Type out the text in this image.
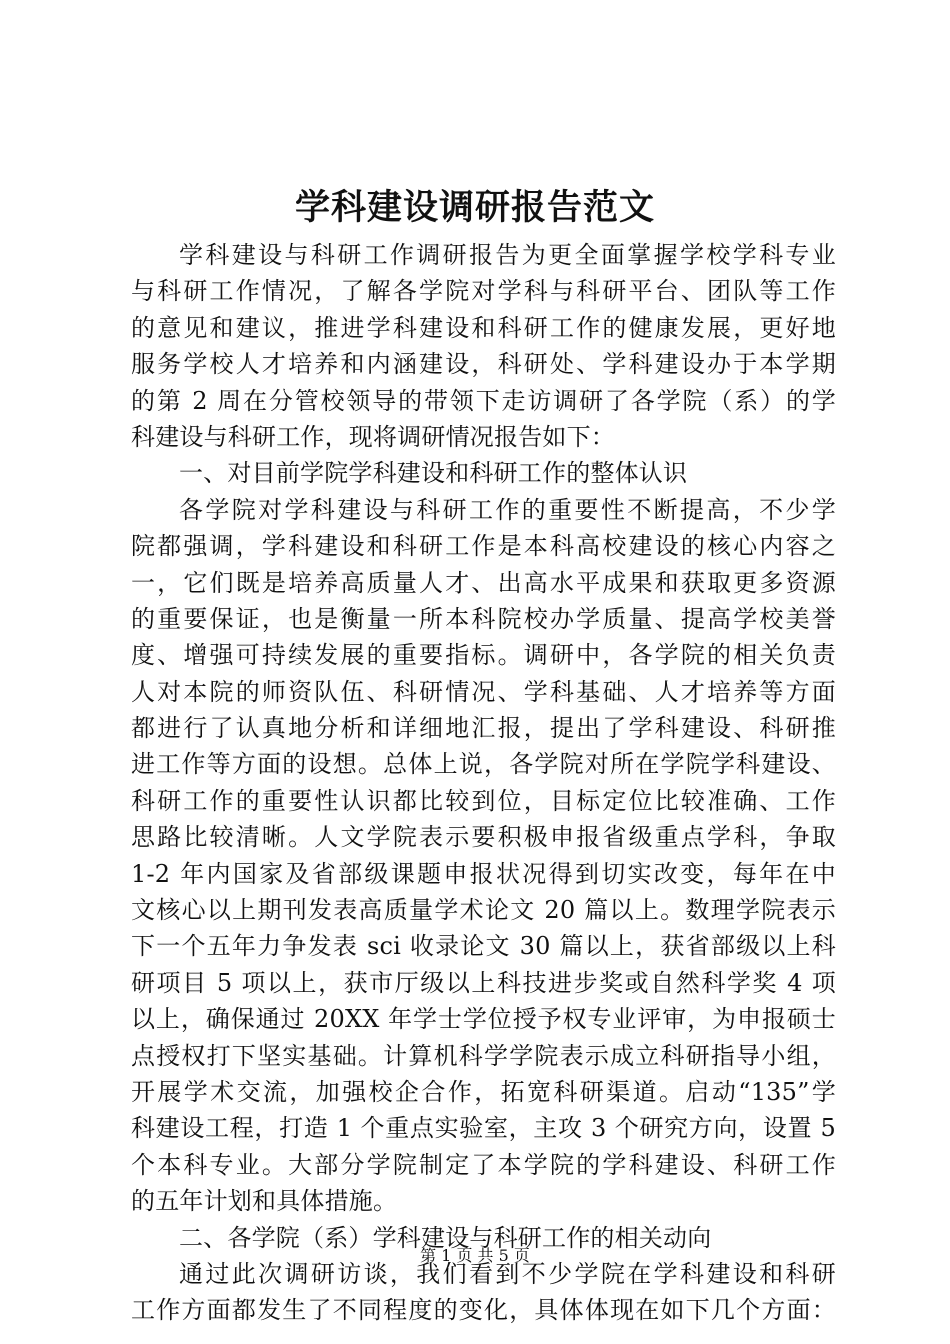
学科建设调研报告范文
学科建设与科研工作调研报告为更全面掌握学校学科专业
与科研工作情况，了解各学院对学科与科研平台、团队等工作
的意见和建议，推进学科建设和科研工作的健康发展，更好地
服务学校人才培养和内涵建设，科研处、学科建设办于本学期
的第 2 周在分管校领导的带领下走访调研了各学院（系）的学
科建设与科研工作，现将调研情况报告如下：
一、对目前学院学科建设和科研工作的整体认识
各学院对学科建设与科研工作的重要性不断提高，不少学
院都强调，学科建设和科研工作是本科高校建设的核心内容之
一，它们既是培养高质量人才、出高水平成果和获取更多资源
的重要保证，也是衡量一所本科院校办学质量、提高学校美誉
度、增强可持续发展的重要指标。调研中，各学院的相关负责
人对本院的师资队伍、科研情况、学科基础、人才培养等方面
都进行了认真地分析和详细地汇报，提出了学科建设、科研推
进工作等方面的设想。总体上说，各学院对所在学院学科建设、
科研工作的重要性认识都比较到位，目标定位比较准确、工作
思路比较清晰。人文学院表示要积极申报省级重点学科，争取
1-2 年内国家及省部级课题申报状况得到切实改变，每年在中
文核心以上期刊发表高质量学术论文 20 篇以上。数理学院表示
下一个五年力争发表 sci 收录论文 30 篇以上，获省部级以上科
研项目 5 项以上，获市厅级以上科技进步奖或自然科学奖 4 项
以上，确保通过 20XX 年学士学位授予权专业评审，为申报硕士
点授权打下坚实基础。计算机科学学院表示成立科研指导小组，
开展学术交流，加强校企合作，拓宽科研渠道。启动“135”学
科建设工程，打造 1 个重点实验室，主攻 3 个研究方向，设置 5
个本科专业。大部分学院制定了本学院的学科建设、科研工作
的五年计划和具体措施。
二、各学院（系）学科建设与科研工作的相关动向
通过此次调研访谈，我们看到不少学院在学科建设和科研
工作方面都发生了不同程度的变化，具体体现在如下几个方面：
第 1 页 共 5 页
